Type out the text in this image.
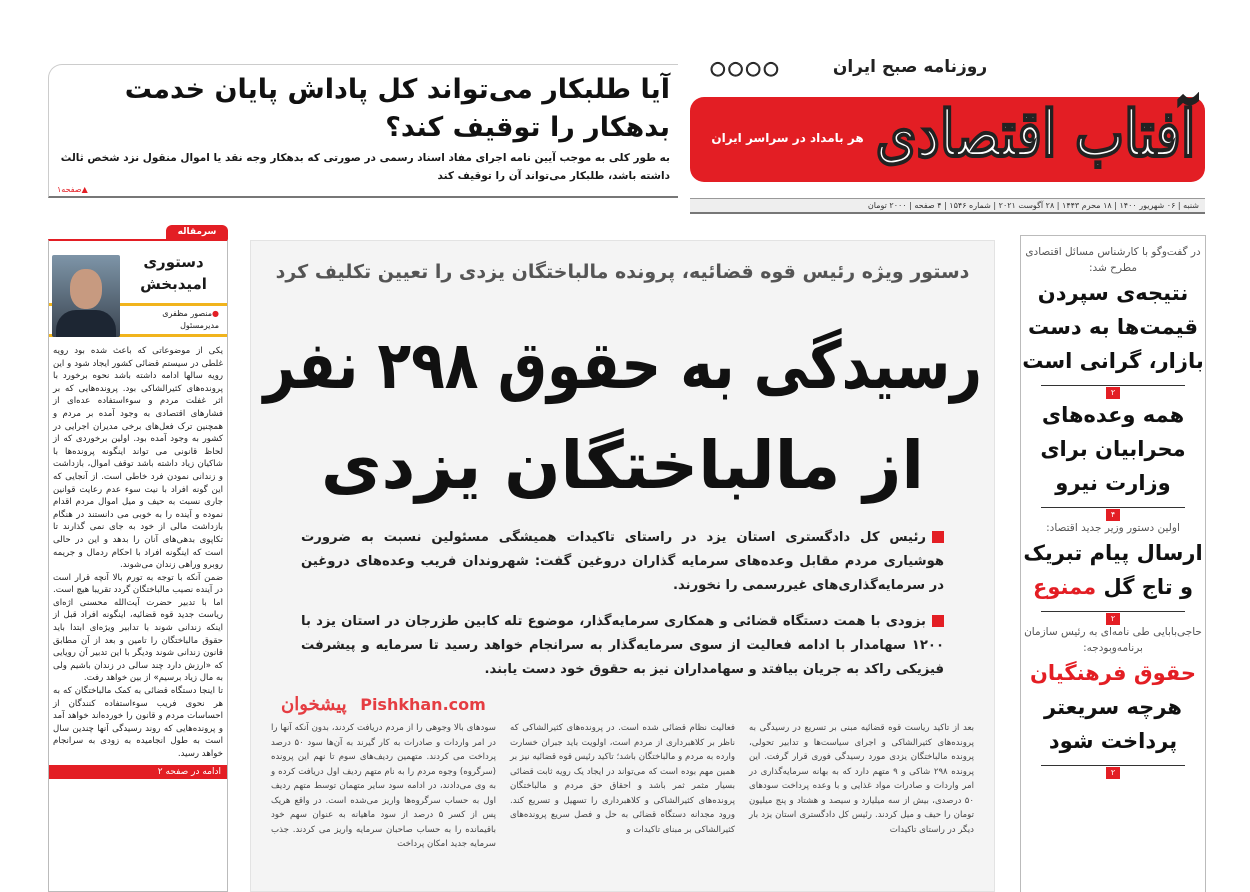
روزنامه صبح ایران
○○○○
آفتاب اقتصادی
هر بامداد در سراسر ایران
شنبه | ۰۶ شهریور ۱۴۰۰ | ۱۸ محرم ۱۴۴۳ | ۲۸ آگوست ۲۰۲۱ | شماره ۱۵۴۶ | ۴ صفحه | ۲۰۰۰ تومان
آیا طلبکار می‌تواند کل پاداش پایان خدمت بدهکار را توقیف کند؟

به طور کلی به موجب آیین نامه اجرای مفاد اسناد رسمی در صورتی که بدهکار وجه نقد یا اموال منقول نزد شخص ثالث داشته باشد، طلبکار می‌تواند آن را توقیف کند

▲صفحه۱
سرمقاله
دستوری
امیدبخش
●منصور مظفری
مدیرمسئول

یکی از موضوعاتی که باعث شده بود رویه غلطی در سیستم قضائی کشور ایجاد شود و این رویه سالها ادامه داشته باشد نحوه برخورد با پرونده‌های کثیرالشاکی بود. پرونده‌هایی که بر اثر غفلت مردم و سوءاستفاده عده‌ای از فشارهای اقتصادی به وجود آمده بر مردم و همچنین ترک فعل‌های برخی مدیران اجرایی در کشور به وجود آمده بود. اولین برخوردی که از لحاظ قانونی می تواند اینگونه پرونده‌ها با شاکیان زیاد داشته باشد توقف اموال، بازداشت و زندانی نمودن فرد خاطی است. از آنجایی که این گونه افراد با نیت سوء عدم رعایت قوانین جاری نسبت به حیف و میل اموال مردم اقدام نموده و آینده را به خوبی می دانستند در هنگام بازداشت مالی از خود به جای نمی گذارند تا تکاپوی بدهی‌های آنان را بدهد و این در حالی است که اینگونه افراد با احکام ردمال و جریمه روبرو وراهی زندان می‌شوند.

ضمن آنکه با توجه به تورم بالا آنچه قرار است در آینده نصیب مالباختگان گردد تقریبا هیچ است. اما با تدبیر حضرت آیت‌الله محسنی اژه‌ای ریاست جدید قوه قضائیه، اینگونه افراد قبل از اینکه زندانی شوند با تدابیر ویژه‌ای ابتدا باید حقوق مالباختگان را تامین و بعد از آن مطابق قانون زندانی شوند ودیگر با این تدبیر آن رویایی که «ارزش دارد چند سالی در زندان باشیم ولی به مال زیاد برسیم» از بین خواهد رفت.

تا اینجا دستگاه قضائی به کمک مالباختگان که به هر نحوی فریب سوءاستفاده کنندگان از احساسات مردم و قانون را خورده‌اند خواهد آمد و پرونده‌هایی که روند رسیدگی آنها چندین سال است به طول انجامیده به زودی به سرانجام خواهد رسید.

ادامه در صفحه ۲
دستور ویژه رئیس قوه قضائیه، پرونده مالباختگان یزدی را تعیین تکلیف کرد
رسیدگی به حقوق ۲۹۸ نفر
از مالباختگان یزدی
رئیس کل دادگستری استان یزد در راستای تاکیدات همیشگی مسئولین نسبت به ضرورت هوشیاری مردم مقابل وعده‌های سرمایه گذاران دروغین گفت: شهروندان فریب وعده‌های دروغین در سرمایه‌گذاری‌های غیررسمی را نخورند.
بزودی با همت دستگاه قضائی و همکاری سرمایه‌گذار، موضوع تله کابین طزرجان در استان یزد با ۱۲۰۰ سهامدار با ادامه فعالیت از سوی سرمایه‌گذار به سرانجام خواهد رسید تا سرمایه و پیشرفت فیزیکی راکد به جریان بیافتد و سهامداران نیز به حقوق خود دست یابند.
پیشخوان Pishkhan.com
بعد از تاکید ریاست قوه قضائیه مبنی بر تسریع در رسیدگی به پرونده‌های کثیرالشاکی و اجرای سیاست‌ها و تدابیر تحولی، پرونده مالباختگان یزدی مورد رسیدگی فوری قرار گرفت. این پرونده ۲۹۸ شاکی و ۹ متهم دارد که به بهانه سرمایه‌گذاری در امر واردات و صادرات مواد غذایی و با وعده پرداخت سودهای ۵۰ درصدی، بیش از سه میلیارد و سیصد و هشتاد و پنج میلیون تومان را حیف و میل کردند. رئیس کل دادگستری استان یزد بار دیگر در راستای تاکیدات
فعالیت نظام قضائی شده است. در پرونده‌های کثیرالشاکی که ناظر بر کلاهبرداری از مردم است، اولویت باید جبران خسارت وارده به مردم و مالباختگان باشد؛ تاکید رئیس قوه قضائیه نیز بر همین مهم بوده است که می‌تواند در ایجاد یک رویه ثابت قضائی بسیار مثمر ثمر باشد و احقاق حق مردم و مالباختگان پرونده‌های کثیرالشاکی و کلاهبرداری را تسهیل و تسریع کند. ورود مجدانه دستگاه قضائی به حل و فصل سریع پرونده‌های کثیرالشاکی بر مبنای تاکیدات و
سودهای بالا وجوهی را از مردم دریافت کردند، بدون آنکه آنها را در امر واردات و صادرات به کار گیرند به آن‌ها سود ۵۰ درصد پرداخت می کردند. متهمین ردیف‌های سوم تا نهم این پرونده (سرگروه) وجوه مردم را به نام متهم ردیف اول دریافت کرده و به وی می‌دادند، در ادامه سود سایر متهمان توسط متهم ردیف اول به حساب سرگروه‌ها واریز می‌شده است. در واقع هریک پس از کسر ۵ درصد از سود ماهیانه به عنوان سهم خود باقیمانده را به حساب صاحبان سرمایه واریز می کردند. جذب سرمایه جدید امکان پرداخت
در گفت‌وگو با کارشناس مسائل اقتصادی مطرح شد:
نتیجه‌ی سپردن قیمت‌ها به دست بازار، گرانی است
۲
همه وعده‌های محرابیان برای وزارت نیرو
۴
اولین دستور وزیر جدید اقتصاد:
ارسال پیام تبریک و تاج گل ممنوع
۲
حاجی‌بابایی طی نامه‌ای به رئیس سازمان برنامه‌وبودجه:
حقوق فرهنگیان
هرچه سریعتر پرداخت شود
۲
